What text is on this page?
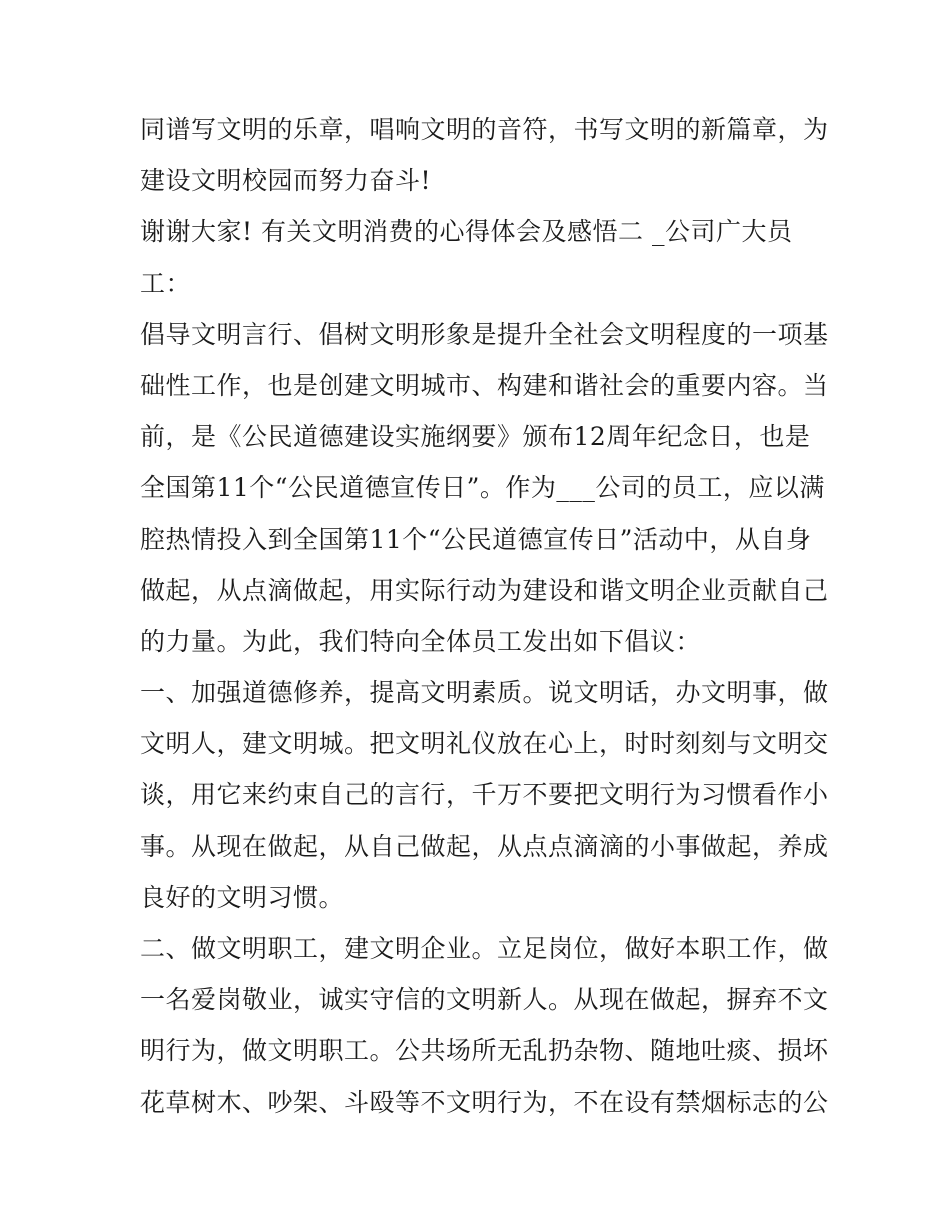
同谱写文明的乐章，唱响文明的音符，书写文明的新篇章，为
建设文明校园而努力奋斗!
谢谢大家! 有关文明消费的心得体会及感悟二 _公司广大员
工：
倡导文明言行、倡树文明形象是提升全社会文明程度的一项基
础性工作，也是创建文明城市、构建和谐社会的重要内容。当
前，是《公民道德建设实施纲要》颁布12周年纪念日，也是
全国第11个“公民道德宣传日”。作为___公司的员工，应以满
腔热情投入到全国第11个“公民道德宣传日”活动中，从自身
做起，从点滴做起，用实际行动为建设和谐文明企业贡献自己
的力量。为此，我们特向全体员工发出如下倡议：
一、加强道德修养，提高文明素质。说文明话，办文明事，做
文明人，建文明城。把文明礼仪放在心上，时时刻刻与文明交
谈，用它来约束自己的言行，千万不要把文明行为习惯看作小
事。从现在做起，从自己做起，从点点滴滴的小事做起，养成
良好的文明习惯。
二、做文明职工，建文明企业。立足岗位，做好本职工作，做
一名爱岗敬业，诚实守信的文明新人。从现在做起，摒弃不文
明行为，做文明职工。公共场所无乱扔杂物、随地吐痰、损坏
花草树木、吵架、斗殴等不文明行为，不在设有禁烟标志的公
